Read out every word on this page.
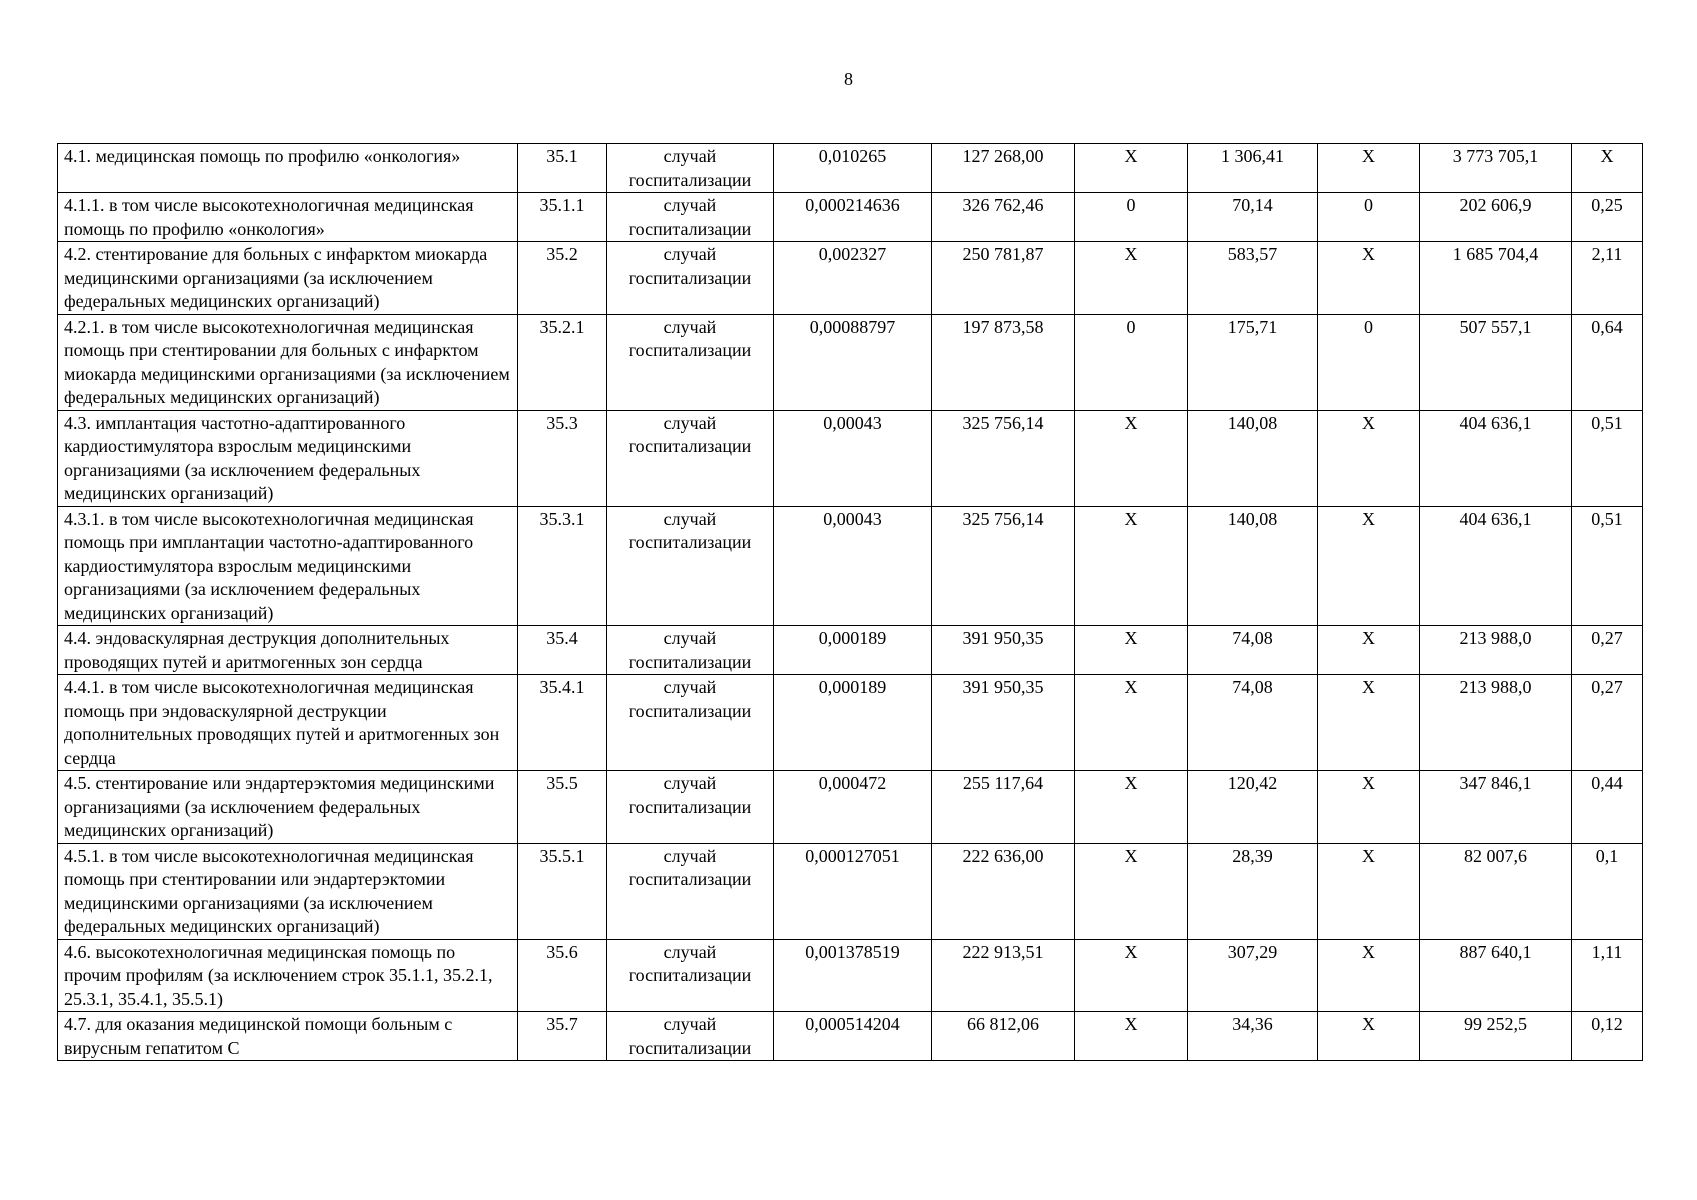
8
4.1. медицинская помощь по профилю «онкология»	35.1	случай госпитализации	0,010265	127 268,00	X	1 306,41	X	3 773 705,1	X
4.1.1. в том числе высокотехнологичная медицинская помощь по профилю «онкология»	35.1.1	случай госпитализации	0,000214636	326 762,46	0	70,14	0	202 606,9	0,25
4.2. стентирование для больных с инфарктом миокарда медицинскими организациями (за исключением федеральных медицинских организаций)	35.2	случай госпитализации	0,002327	250 781,87	X	583,57	X	1 685 704,4	2,11
4.2.1. в том числе высокотехнологичная медицинская помощь при стентировании для больных с инфарктом миокарда медицинскими организациями (за исключением федеральных медицинских организаций)	35.2.1	случай госпитализации	0,00088797	197 873,58	0	175,71	0	507 557,1	0,64
4.3. имплантация частотно-адаптированного кардиостимулятора взрослым медицинскими организациями (за исключением федеральных медицинских организаций)	35.3	случай госпитализации	0,00043	325 756,14	X	140,08	X	404 636,1	0,51
4.3.1. в том числе высокотехнологичная медицинская помощь при имплантации частотно-адаптированного кардиостимулятора взрослым медицинскими организациями (за исключением федеральных медицинских организаций)	35.3.1	случай госпитализации	0,00043	325 756,14	X	140,08	X	404 636,1	0,51
4.4. эндоваскулярная деструкция дополнительных проводящих путей и аритмогенных зон сердца	35.4	случай госпитализации	0,000189	391 950,35	X	74,08	X	213 988,0	0,27
4.4.1. в том числе высокотехнологичная медицинская помощь при эндоваскулярной деструкции дополнительных проводящих путей и аритмогенных зон сердца	35.4.1	случай госпитализации	0,000189	391 950,35	X	74,08	X	213 988,0	0,27
4.5. стентирование или эндартерэктомия медицинскими организациями (за исключением федеральных медицинских организаций)	35.5	случай госпитализации	0,000472	255 117,64	X	120,42	X	347 846,1	0,44
4.5.1. в том числе высокотехнологичная медицинская помощь при стентировании или эндартерэктомии медицинскими организациями (за исключением федеральных медицинских организаций)	35.5.1	случай госпитализации	0,000127051	222 636,00	X	28,39	X	82 007,6	0,1
4.6. высокотехнологичная медицинская помощь по прочим профилям (за исключением строк 35.1.1, 35.2.1, 25.3.1, 35.4.1, 35.5.1)	35.6	случай госпитализации	0,001378519	222 913,51	X	307,29	X	887 640,1	1,11
4.7. для оказания медицинской помощи больным с вирусным гепатитом С	35.7	случай госпитализации	0,000514204	66 812,06	X	34,36	X	99 252,5	0,12
